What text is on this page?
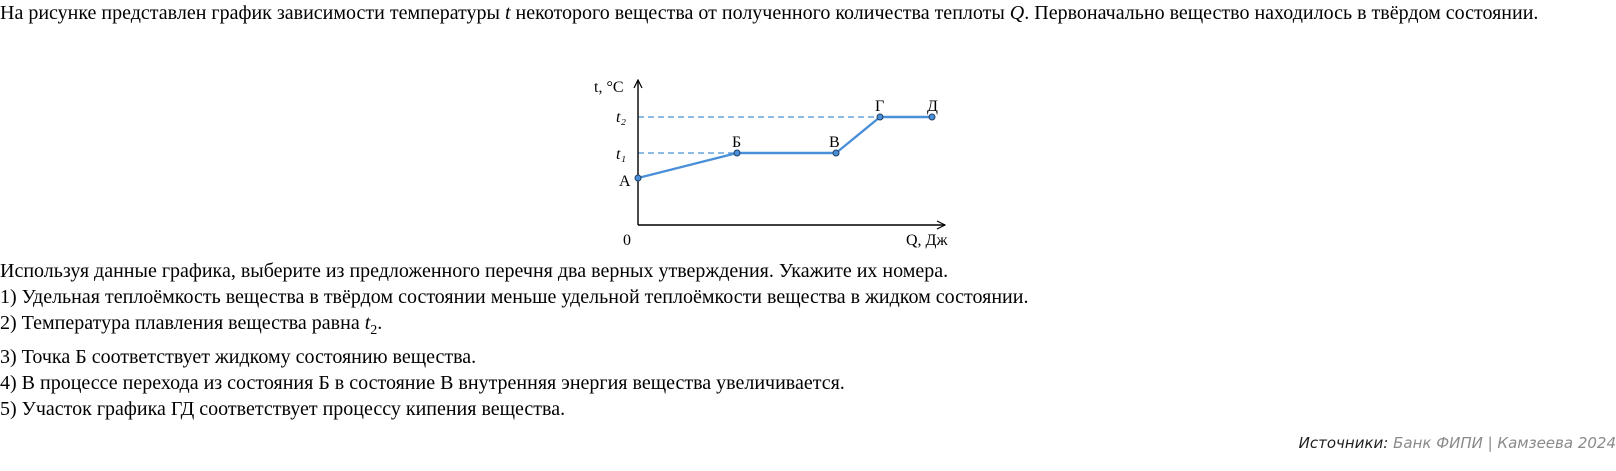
На рисунке представлен график зависимости температуры t некоторого вещества от полученного количества теплоты Q. Первоначально вещество находилось в твёрдом состоянии.

А
Б	В
Г	Д
t₂
t₁
t, °C
Q, Дж
0

Используя данные графика, выберите из предложенного перечня два верных утверждения. Укажите их номера.

1) Удельная теплоёмкость вещества в твёрдом состоянии меньше удельной теплоёмкости вещества в жидком состоянии.

2) Температура плавления вещества равна $t_2$.

3) Точка Б соответствует жидкому состоянию вещества.

4) В процессе перехода из состояния Б в состояние В внутренняя энергия вещества увеличивается.

5) Участок графика ГД соответствует процессу кипения вещества.

Источники: Банк ФИПИ | Камзеева 2024
